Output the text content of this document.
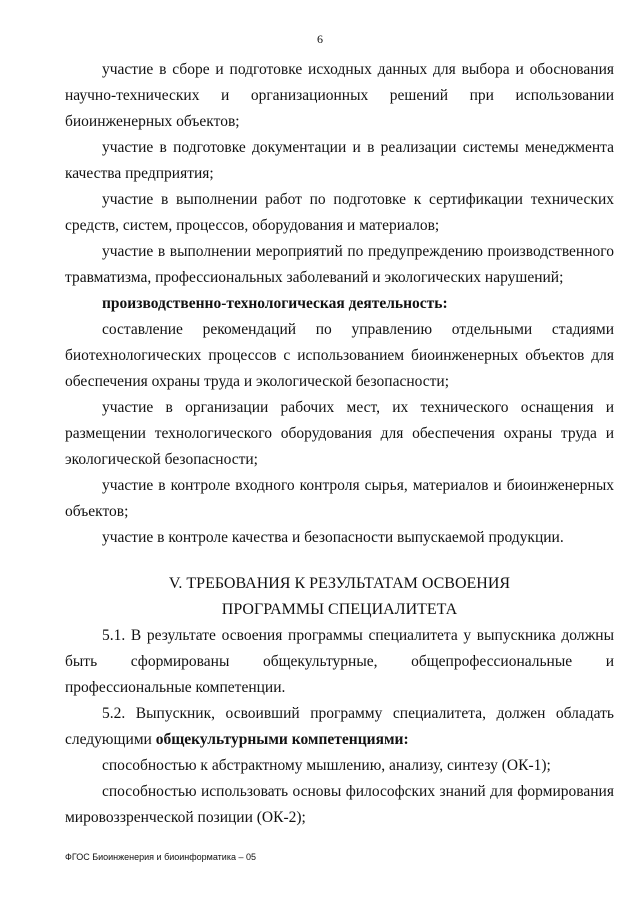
6

участие в сборе и подготовке исходных данных для выбора и обоснования научно-технических и организационных решений при использовании биоинженерных объектов;

участие в подготовке документации и в реализации системы менеджмента качества предприятия;

участие в выполнении работ по подготовке к сертификации технических средств, систем, процессов, оборудования и материалов;

участие в выполнении мероприятий по предупреждению производственного травматизма, профессиональных заболеваний и экологических нарушений;

производственно-технологическая деятельность:

составление рекомендаций по управлению отдельными стадиями биотехнологических процессов с использованием биоинженерных объектов для обеспечения охраны труда и экологической безопасности;

участие в организации рабочих мест, их технического оснащения и размещении технологического оборудования для обеспечения охраны труда и экологической безопасности;

участие в контроле входного контроля сырья, материалов и биоинженерных объектов;

участие в контроле качества и безопасности выпускаемой продукции.

V. ТРЕБОВАНИЯ К РЕЗУЛЬТАТАМ ОСВОЕНИЯ

ПРОГРАММЫ СПЕЦИАЛИТЕТА

5.1. В результате освоения программы специалитета у выпускника должны быть сформированы общекультурные, общепрофессиональные и профессиональные компетенции.

5.2. Выпускник, освоивший программу специалитета, должен обладать следующими общекультурными компетенциями:

способностью к абстрактному мышлению, анализу, синтезу (ОК-1);

способностью использовать основы философских знаний для формирования мировоззренческой позиции (ОК-2);

ФГОС Биоинженерия и биоинформатика – 05
